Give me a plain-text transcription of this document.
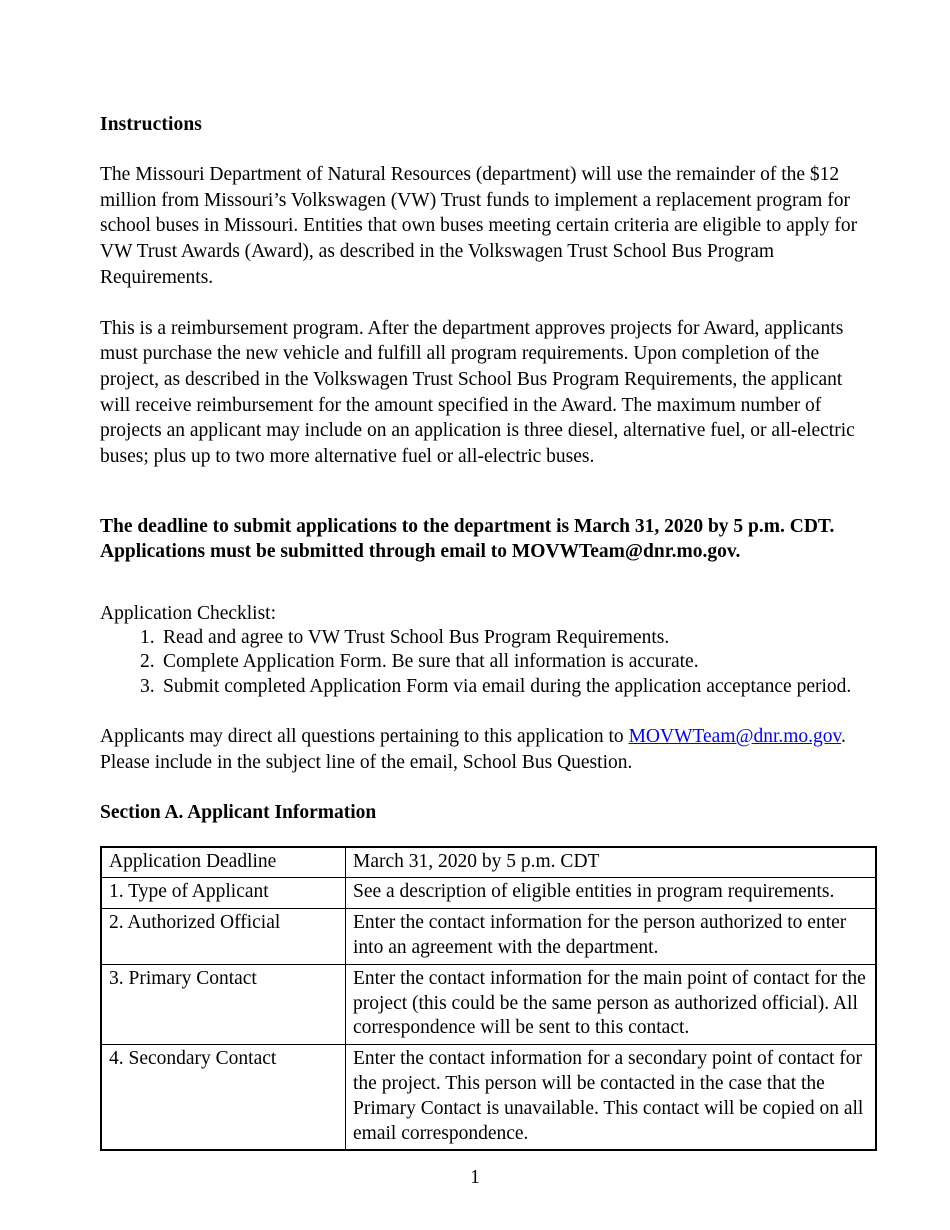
Instructions

The Missouri Department of Natural Resources (department) will use the remainder of the $12 million from Missouri’s Volkswagen (VW) Trust funds to implement a replacement program for school buses in Missouri. Entities that own buses meeting certain criteria are eligible to apply for VW Trust Awards (Award), as described in the Volkswagen Trust School Bus Program Requirements.

This is a reimbursement program. After the department approves projects for Award, applicants must purchase the new vehicle and fulfill all program requirements. Upon completion of the project, as described in the Volkswagen Trust School Bus Program Requirements, the applicant will receive reimbursement for the amount specified in the Award. The maximum number of projects an applicant may include on an application is three diesel, alternative fuel, or all-electric buses; plus up to two more alternative fuel or all-electric buses.

The deadline to submit applications to the department is March 31, 2020 by 5 p.m. CDT.

Applications must be submitted through email to MOVWTeam@dnr.mo.gov.

Application Checklist:

1. Read and agree to VW Trust School Bus Program Requirements.
2. Complete Application Form. Be sure that all information is accurate.
3. Submit completed Application Form via email during the application acceptance period.

Applicants may direct all questions pertaining to this application to MOVWTeam@dnr.mo.gov. Please include in the subject line of the email, School Bus Question.

Section A. Applicant Information
Application Deadline	March 31, 2020 by 5 p.m. CDT
1. Type of Applicant	See a description of eligible entities in program requirements.
2. Authorized Official	Enter the contact information for the person authorized to enter into an agreement with the department.
3. Primary Contact	Enter the contact information for the main point of contact for the project (this could be the same person as authorized official). All correspondence will be sent to this contact.
4. Secondary Contact	Enter the contact information for a secondary point of contact for the project. This person will be contacted in the case that the Primary Contact is unavailable. This contact will be copied on all email correspondence.
1
